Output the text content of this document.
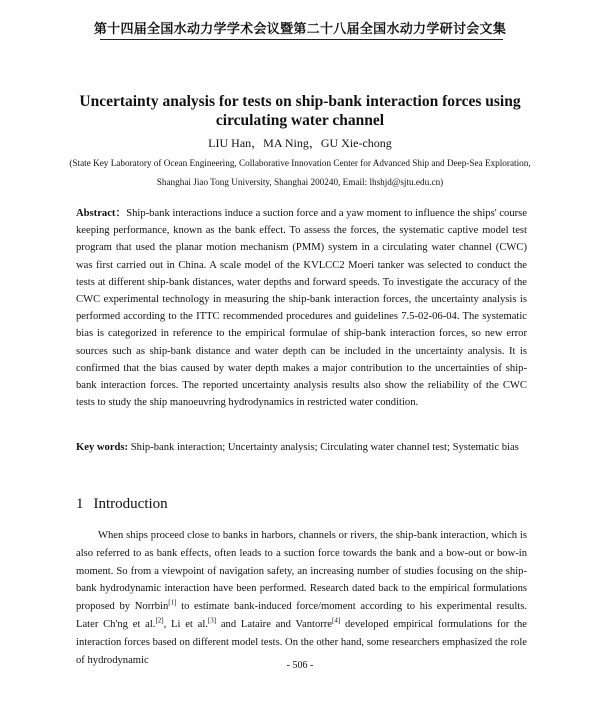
第十四届全国水动力学学术会议暨第二十八届全国水动力学研讨会文集
Uncertainty analysis for tests on ship-bank interaction forces using circulating water channel
LIU Han，MA Ning，GU Xie-chong
(State Key Laboratory of Ocean Engineering, Collaborative Innovation Center for Advanced Ship and Deep-Sea Exploration, Shanghai Jiao Tong University, Shanghai 200240, Email: lhshjd@sjtu.edu.cn)
Abstract：Ship-bank interactions induce a suction force and a yaw moment to influence the ships' course keeping performance, known as the bank effect. To assess the forces, the systematic captive model test program that used the planar motion mechanism (PMM) system in a circulating water channel (CWC) was first carried out in China. A scale model of the KVLCC2 Moeri tanker was selected to conduct the tests at different ship-bank distances, water depths and forward speeds. To investigate the accuracy of the CWC experimental technology in measuring the ship-bank interaction forces, the uncertainty analysis is performed according to the ITTC recommended procedures and guidelines 7.5-02-06-04. The systematic bias is categorized in reference to the empirical formulae of ship-bank interaction forces, so new error sources such as ship-bank distance and water depth can be included in the uncertainty analysis. It is confirmed that the bias caused by water depth makes a major contribution to the uncertainties of ship-bank interaction forces. The reported uncertainty analysis results also show the reliability of the CWC tests to study the ship manoeuvring hydrodynamics in restricted water condition.
Key words: Ship-bank interaction; Uncertainty analysis; Circulating water channel test; Systematic bias
1 Introduction
When ships proceed close to banks in harbors, channels or rivers, the ship-bank interaction, which is also referred to as bank effects, often leads to a suction force towards the bank and a bow-out or bow-in moment. So from a viewpoint of navigation safety, an increasing number of studies focusing on the ship-bank hydrodynamic interaction have been performed. Research dated back to the empirical formulations proposed by Norrbin[1] to estimate bank-induced force/moment according to his experimental results. Later Ch'ng et al.[2], Li et al.[3] and Lataire and Vantorre[4] developed empirical formulations for the interaction forces based on different model tests. On the other hand, some researchers emphasized the role of hydrodynamic	- 506 -
